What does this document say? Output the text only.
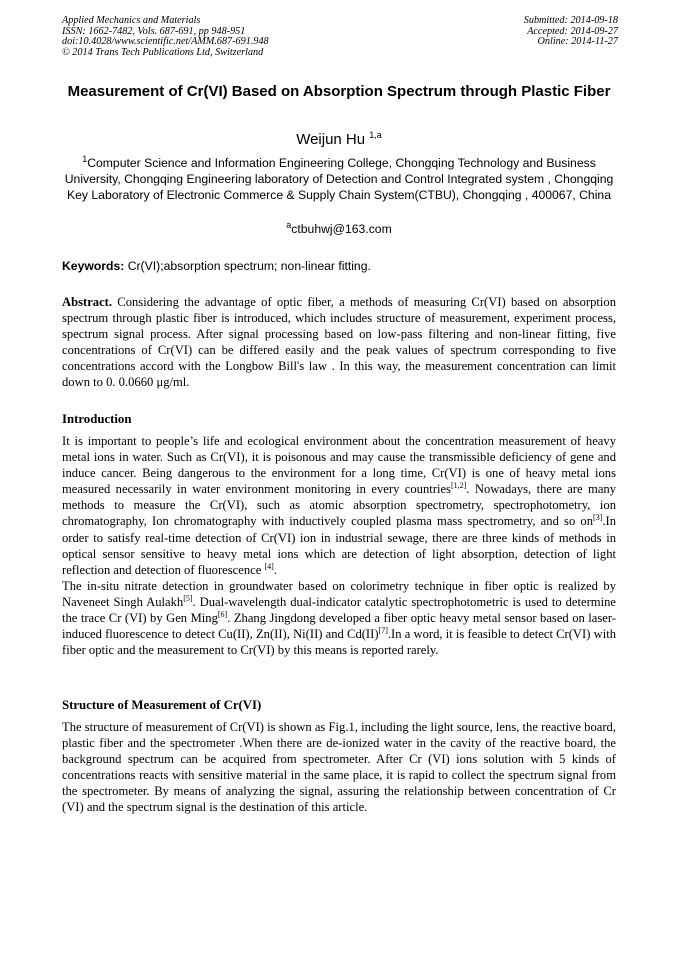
Applied Mechanics and Materials
ISSN: 1662-7482, Vols. 687-691, pp 948-951
doi:10.4028/www.scientific.net/AMM.687-691.948
© 2014 Trans Tech Publications Ltd, Switzerland
Submitted: 2014-09-18
Accepted: 2014-09-27
Online: 2014-11-27
Measurement of Cr(VI) Based on Absorption Spectrum through Plastic Fiber
Weijun Hu $^{1,a}$
$^1$Computer Science and Information Engineering College, Chongqing Technology and Business University, Chongqing Engineering laboratory of Detection and Control Integrated system , Chongqing Key Laboratory of Electronic Commerce & Supply Chain System(CTBU), Chongqing , 400067, China
$^a$ctbuhwj@163.com
Keywords: Cr(VI);absorption spectrum; non-linear fitting.
Abstract. Considering the advantage of optic fiber, a methods of measuring Cr(VI) based on absorption spectrum through plastic fiber is introduced, which includes structure of measurement, experiment process, spectrum signal process. After signal processing based on low-pass filtering and non-linear fitting, five concentrations of Cr(VI) can be differed easily and the peak values of spectrum corresponding to five concentrations accord with the Longbow Bill's law . In this way, the measurement concentration can limit down to 0. 0.0660 μg/ml.
Introduction

It is important to people’s life and ecological environment about the concentration measurement of heavy metal ions in water. Such as Cr(VI), it is poisonous and may cause the transmissible deficiency of gene and induce cancer. Being dangerous to the environment for a long time, Cr(VI) is one of heavy metal ions measured necessarily in water environment monitoring in every countries[1,2]. Nowadays, there are many methods to measure the Cr(VI), such as atomic absorption spectrometry, spectrophotometry, ion chromatography, Ion chromatography with inductively coupled plasma mass spectrometry, and so on[3].In order to satisfy real-time detection of Cr(VI) ion in industrial sewage, there are three kinds of methods in optical sensor sensitive to heavy metal ions which are detection of light absorption, detection of light reflection and detection of fluorescence [4].

The in-situ nitrate detection in groundwater based on colorimetry technique in fiber optic is realized by Naveneet Singh Aulakh[5]. Dual-wavelength dual-indicator catalytic spectrophotometric is used to determine the trace Cr (VI) by Gen Ming[6]. Zhang Jingdong developed a fiber optic heavy metal sensor based on laser-induced fluorescence to detect Cu(II), Zn(II), Ni(II) and Cd(II)[7].In a word, it is feasible to detect Cr(VI) with fiber optic and the measurement to Cr(VI) by this means is reported rarely.

Structure of Measurement of Cr(VI)

The structure of measurement of Cr(VI) is shown as Fig.1, including the light source, lens, the reactive board, plastic fiber and the spectrometer .When there are de-ionized water in the cavity of the reactive board, the background spectrum can be acquired from spectrometer. After Cr (VI) ions solution with 5 kinds of concentrations reacts with sensitive material in the same place, it is rapid to collect the spectrum signal from the spectrometer. By means of analyzing the signal, assuring the relationship between concentration of Cr (VI) and the spectrum signal is the destination of this article.
